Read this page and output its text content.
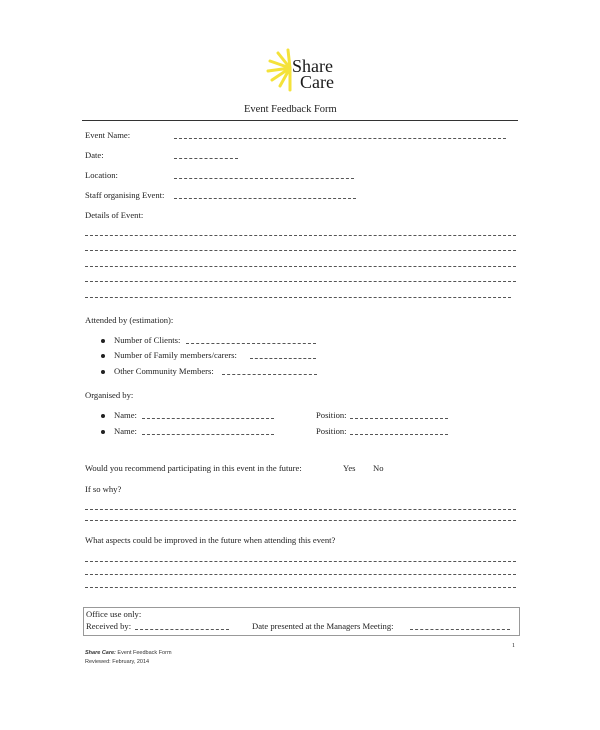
Share
Care
Event Feedback Form
Event Name:
Date:
Location:
Staff organising Event:
Details of Event:
Attended by (estimation):
Number of Clients:
Number of Family members/carers:
Other Community Members:
Organised by:
Name:	Position:
Name:	Position:
Would you recommend participating in this event in the future:	Yes No
If so why?
What aspects could be improved in the future when attending this event?
Office use only:
Received by:	Date presented at the Managers Meeting:
1
Share Care: Event Feedback Form
Reviewed: February, 2014
